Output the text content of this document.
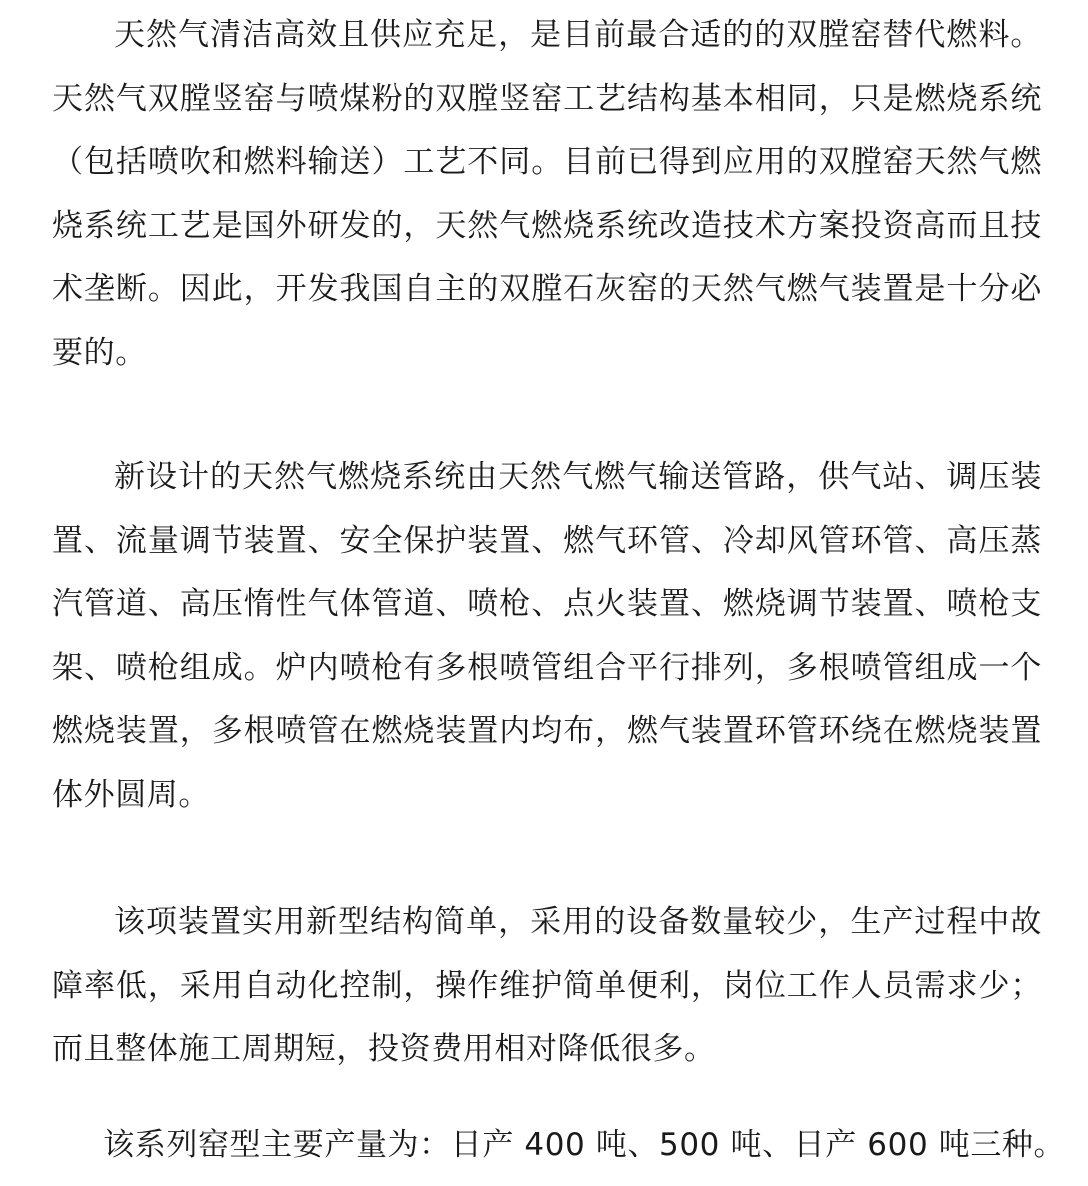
天然气清洁高效且供应充足，是目前最合适的的双膛窑替代燃料。天然气双膛竖窑与喷煤粉的双膛竖窑工艺结构基本相同，只是燃烧系统（包括喷吹和燃料输送）工艺不同。目前已得到应用的双膛窑天然气燃烧系统工艺是国外研发的，天然气燃烧系统改造技术方案投资高而且技术垄断。因此，开发我国自主的双膛石灰窑的天然气燃气装置是十分必要的。

新设计的天然气燃烧系统由天然气燃气输送管路，供气站、调压装置、流量调节装置、安全保护装置、燃气环管、冷却风管环管、高压蒸汽管道、高压惰性气体管道、喷枪、点火装置、燃烧调节装置、喷枪支架、喷枪组成。炉内喷枪有多根喷管组合平行排列，多根喷管组成一个燃烧装置，多根喷管在燃烧装置内均布，燃气装置环管环绕在燃烧装置体外圆周。

该项装置实用新型结构简单，采用的设备数量较少，生产过程中故障率低，采用自动化控制，操作维护简单便利，岗位工作人员需求少；而且整体施工周期短，投资费用相对降低很多。

该系列窑型主要产量为：日产 400 吨、500 吨、日产 600 吨三种。
